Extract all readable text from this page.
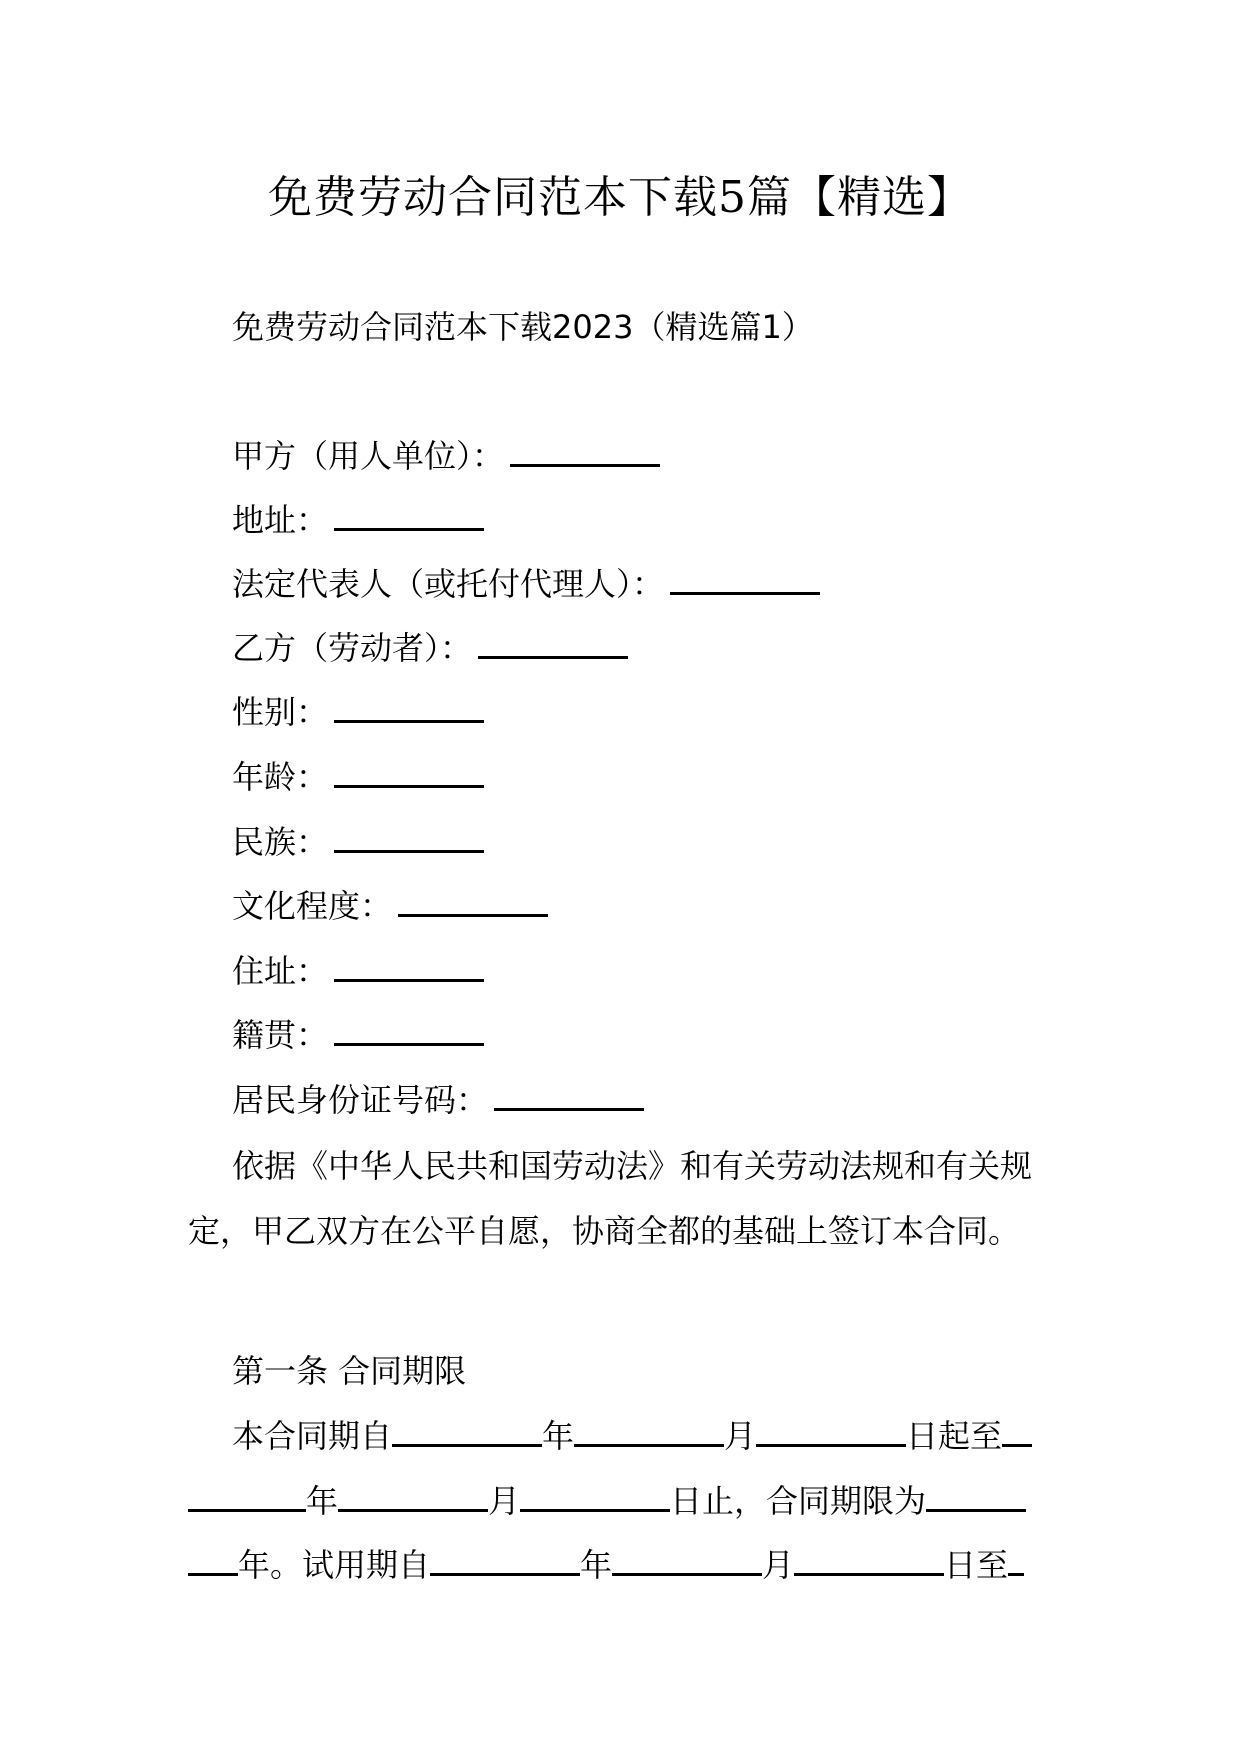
免费劳动合同范本下载5篇【精选】
免费劳动合同范本下载2023（精选篇1）
甲方（用人单位）：
地址：
法定代表人（或托付代理人）：
乙方（劳动者）：
性别：
年龄：
民族：
文化程度：
住址：
籍贯：
居民身份证号码：
依据《中华人民共和国劳动法》和有关劳动法规和有关规定，甲乙双方在公平自愿，协商全都的基础上签订本合同。
第一条 合同期限
本合同期自	年	月	日起至
年	月	日止，合同期限为
年。试用期自	年	月	日至
